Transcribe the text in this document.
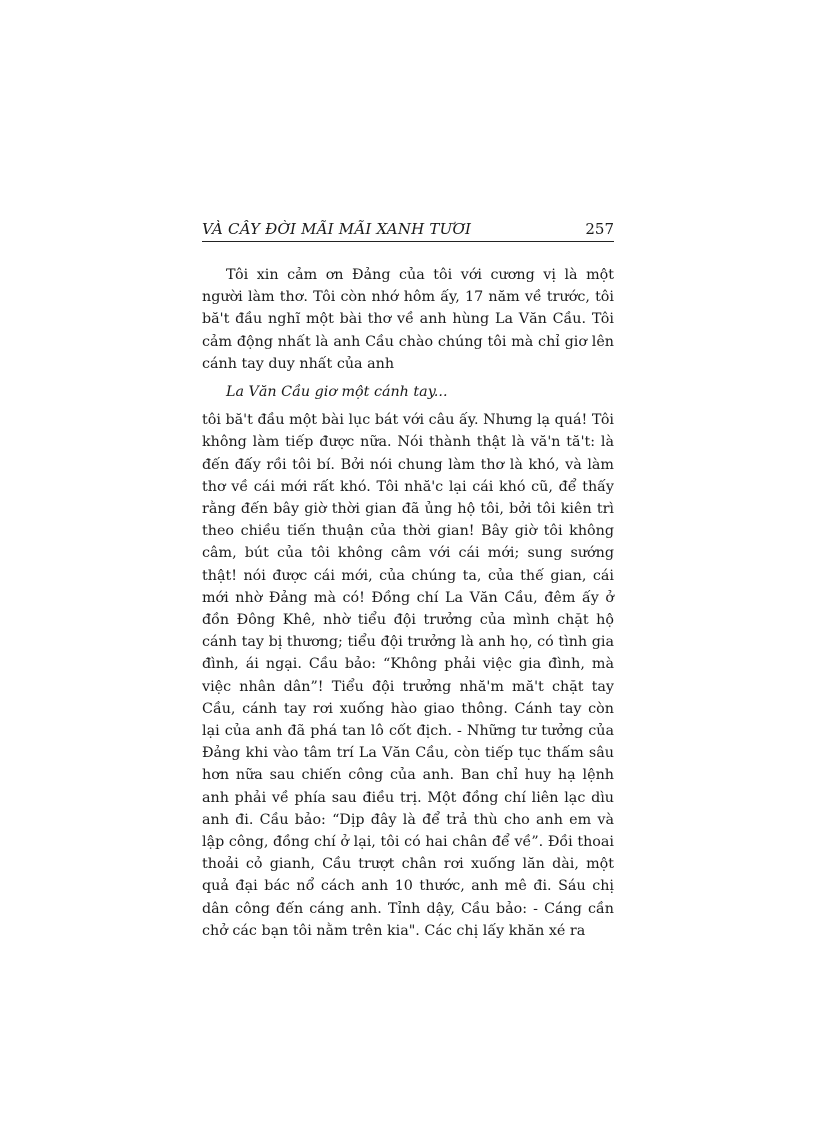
VÀ CÂY ĐỜI MÃI MÃI XANH TƯƠI	257

Tôi xin cảm ơn Đảng của tôi với cương vị là một người làm thơ. Tôi còn nhớ hôm ấy, 17 năm về trước, tôi bă't đầu nghĩ một bài thơ về anh hùng La Văn Cầu. Tôi cảm động nhất là anh Cầu chào chúng tôi mà chỉ giơ lên cánh tay duy nhất của anh

La Văn Cầu giơ một cánh tay...

tôi bă't đầu một bài lục bát với câu ấy. Nhưng lạ quá! Tôi không làm tiếp được nữa. Nói thành thật là vă'n tă't: là đến đấy rồi tôi bí. Bởi nói chung làm thơ là khó, và làm thơ về cái mới rất khó. Tôi nhă'c lại cái khó cũ, để thấy rằng đến bây giờ thời gian đã ủng hộ tôi, bởi tôi kiên trì theo chiều tiến thuận của thời gian! Bây giờ tôi không câm, bút của tôi không câm với cái mới; sung sướng thật! nói được cái mới, của chúng ta, của thế gian, cái mới nhờ Đảng mà có! Đồng chí La Văn Cầu, đêm ấy ở đồn Đông Khê, nhờ tiểu đội trưởng của mình chặt hộ cánh tay bị thương; tiểu đội trưởng là anh họ, có tình gia đình, ái ngại. Cầu bảo: “Không phải việc gia đình, mà việc nhân dân”! Tiểu đội trưởng nhă'm mă't chặt tay Cầu, cánh tay rơi xuống hào giao thông. Cánh tay còn lại của anh đã phá tan lô cốt địch. - Những tư tưởng của Đảng khi vào tâm trí La Văn Cầu, còn tiếp tục thấm sâu hơn nữa sau chiến công của anh. Ban chỉ huy hạ lệnh anh phải về phía sau điều trị. Một đồng chí liên lạc dìu anh đi. Cầu bảo: “Dịp đây là để trả thù cho anh em và lập công, đồng chí ở lại, tôi có hai chân để về”. Đồi thoai thoải cỏ gianh, Cầu trượt chân rơi xuống lăn dài, một quả đại bác nổ cách anh 10 thước, anh mê đi. Sáu chị dân công đến cáng anh. Tỉnh dậy, Cầu bảo: - Cáng cần chở các bạn tôi nằm trên kia". Các chị lấy khăn xé ra
